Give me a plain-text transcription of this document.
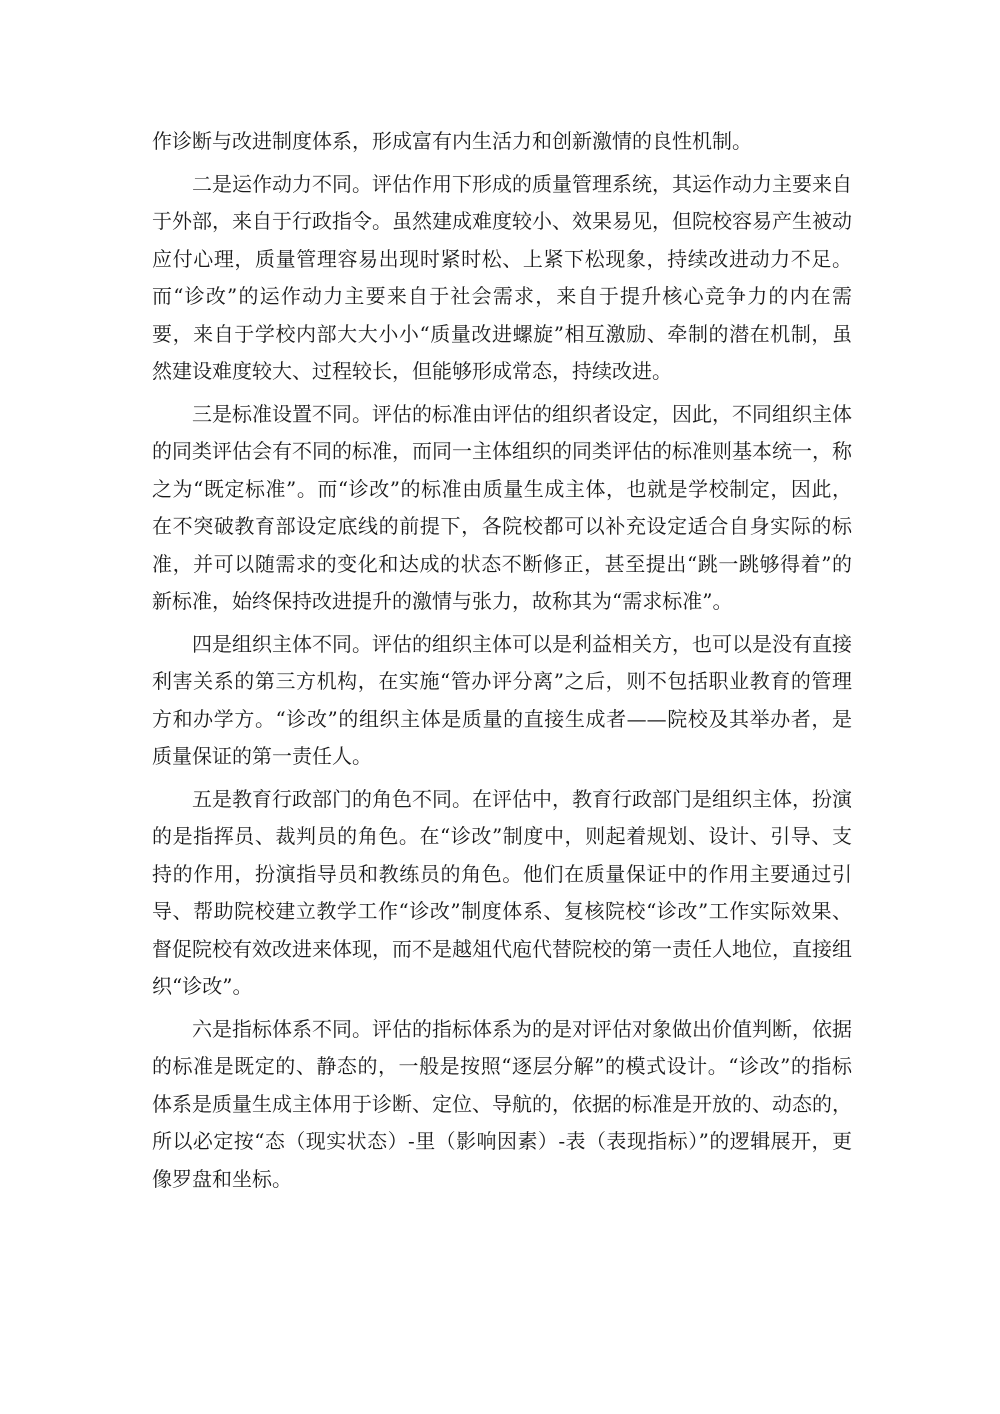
作诊断与改进制度体系，形成富有内生活力和创新激情的良性机制。

二是运作动力不同。评估作用下形成的质量管理系统，其运作动力主要来自于外部，来自于行政指令。虽然建成难度较小、效果易见，但院校容易产生被动应付心理，质量管理容易出现时紧时松、上紧下松现象，持续改进动力不足。而“诊改”的运作动力主要来自于社会需求，来自于提升核心竞争力的内在需要，来自于学校内部大大小小“质量改进螺旋”相互激励、牵制的潜在机制，虽然建设难度较大、过程较长，但能够形成常态，持续改进。

三是标准设置不同。评估的标准由评估的组织者设定，因此，不同组织主体的同类评估会有不同的标准，而同一主体组织的同类评估的标准则基本统一，称之为“既定标准”。而“诊改”的标准由质量生成主体，也就是学校制定，因此，在不突破教育部设定底线的前提下，各院校都可以补充设定适合自身实际的标准，并可以随需求的变化和达成的状态不断修正，甚至提出“跳一跳够得着”的新标准，始终保持改进提升的激情与张力，故称其为“需求标准”。

四是组织主体不同。评估的组织主体可以是利益相关方，也可以是没有直接利害关系的第三方机构，在实施“管办评分离”之后，则不包括职业教育的管理方和办学方。“诊改”的组织主体是质量的直接生成者——院校及其举办者，是质量保证的第一责任人。

五是教育行政部门的角色不同。在评估中，教育行政部门是组织主体，扮演的是指挥员、裁判员的角色。在“诊改”制度中，则起着规划、设计、引导、支持的作用，扮演指导员和教练员的角色。他们在质量保证中的作用主要通过引导、帮助院校建立教学工作“诊改”制度体系、复核院校“诊改”工作实际效果、督促院校有效改进来体现，而不是越俎代庖代替院校的第一责任人地位，直接组织“诊改”。

六是指标体系不同。评估的指标体系为的是对评估对象做出价值判断，依据的标准是既定的、静态的，一般是按照“逐层分解”的模式设计。“诊改”的指标体系是质量生成主体用于诊断、定位、导航的，依据的标准是开放的、动态的，所以必定按“态（现实状态）-里（影响因素）-表（表现指标）”的逻辑展开，更像罗盘和坐标。
